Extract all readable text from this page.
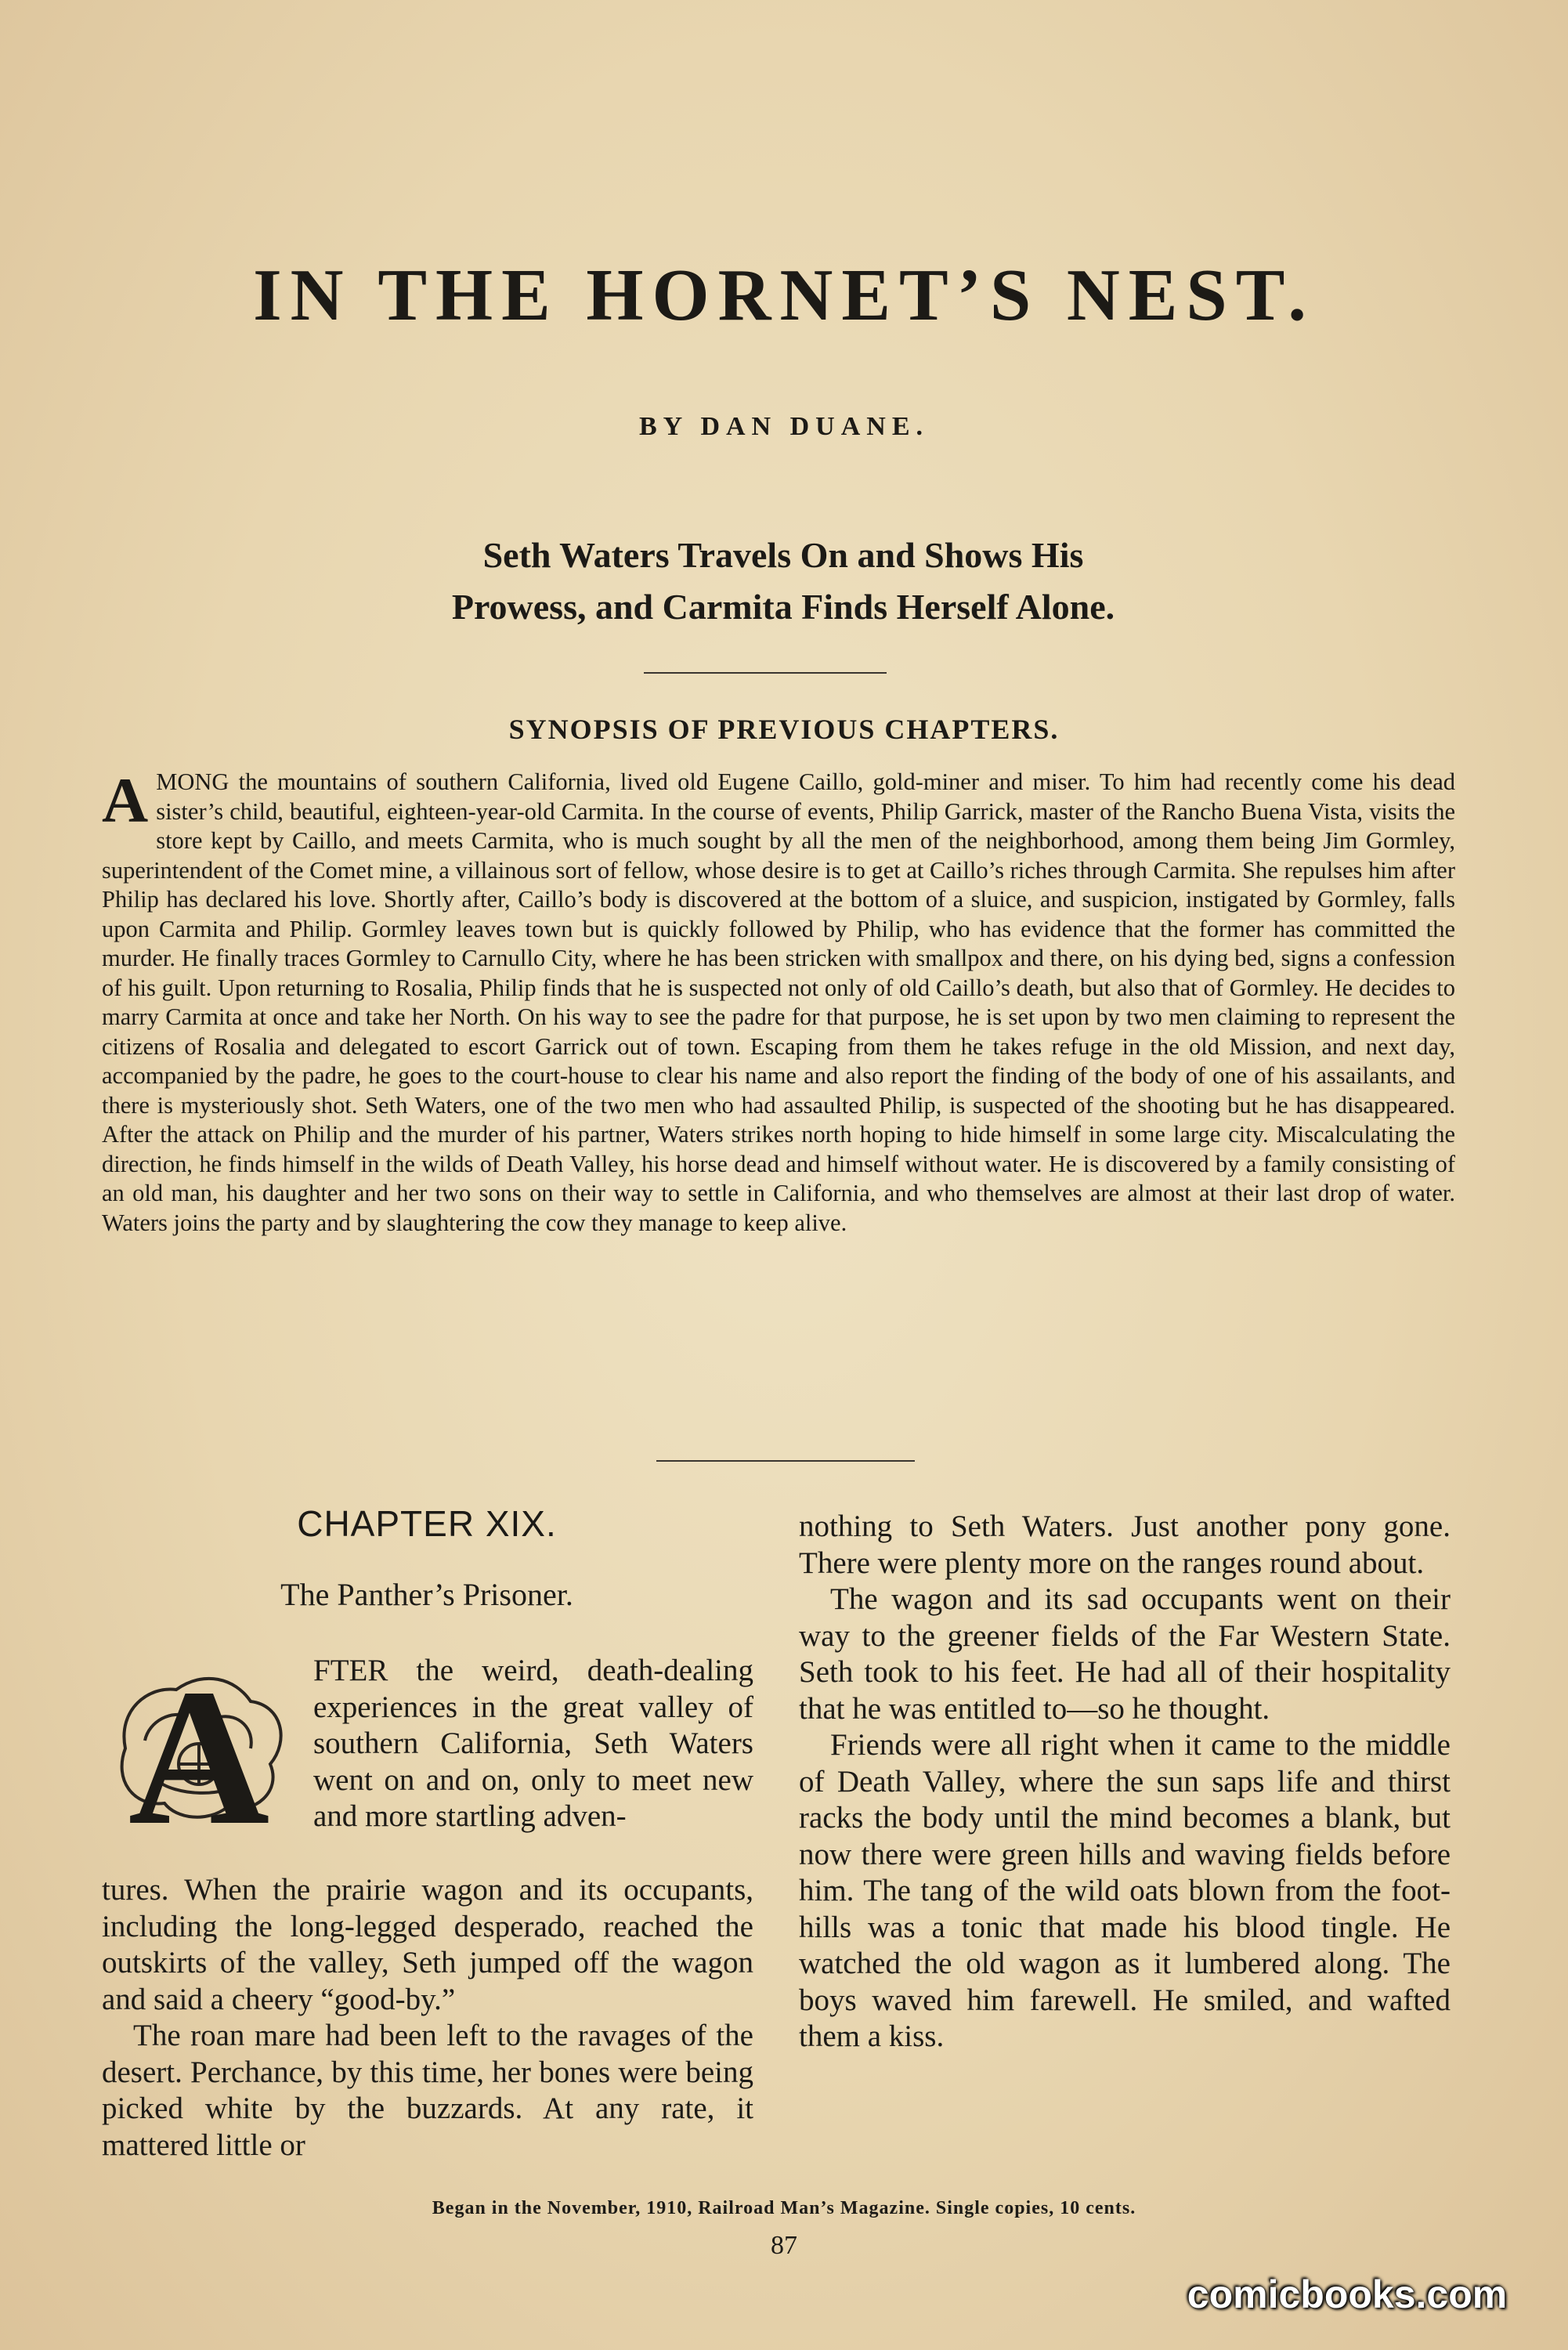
IN THE HORNET’S NEST.
BY DAN DUANE.
Seth Waters Travels On and Shows His
Prowess, and Carmita Finds Herself Alone.
SYNOPSIS OF PREVIOUS CHAPTERS.
AMONG the mountains of southern California, lived old Eugene Caillo, gold-miner and miser. To him had recently come his dead sister’s child, beautiful, eighteen-year-old Carmita. In the course of events, Philip Garrick, master of the Rancho Buena Vista, visits the store kept by Caillo, and meets Carmita, who is much sought by all the men of the neighborhood, among them being Jim Gormley, superintendent of the Comet mine, a villainous sort of fellow, whose desire is to get at Caillo’s riches through Carmita. She repulses him after Philip has declared his love. Shortly after, Caillo’s body is discovered at the bottom of a sluice, and suspicion, instigated by Gormley, falls upon Carmita and Philip. Gormley leaves town but is quickly followed by Philip, who has evidence that the former has committed the murder. He finally traces Gormley to Carnullo City, where he has been stricken with smallpox and there, on his dying bed, signs a confession of his guilt. Upon returning to Rosalia, Philip finds that he is suspected not only of old Caillo’s death, but also that of Gormley. He decides to marry Carmita at once and take her North. On his way to see the padre for that purpose, he is set upon by two men claiming to represent the citizens of Rosalia and delegated to escort Garrick out of town. Escaping from them he takes refuge in the old Mission, and next day, accompanied by the padre, he goes to the court-house to clear his name and also report the finding of the body of one of his assailants, and there is mysteriously shot. Seth Waters, one of the two men who had assaulted Philip, is suspected of the shooting but he has disappeared. After the attack on Philip and the murder of his partner, Waters strikes north hoping to hide himself in some large city. Miscalculating the direction, he finds himself in the wilds of Death Valley, his horse dead and himself without water. He is discovered by a family consisting of an old man, his daughter and her two sons on their way to settle in California, and who themselves are almost at their last drop of water. Waters joins the party and by slaughtering the cow they manage to keep alive.
CHAPTER XIX.
The Panther’s Prisoner.
A FTER the weird, death-dealing experiences in the great valley of southern California, Seth Waters went on and on, only to meet new and more startling adven-

tures. When the prairie wagon and its occupants, including the long-legged desperado, reached the outskirts of the valley, Seth jumped off the wagon and said a cheery “good-by.”

The roan mare had been left to the ravages of the desert. Perchance, by this time, her bones were being picked white by the buzzards. At any rate, it mattered little or

nothing to Seth Waters. Just another pony gone. There were plenty more on the ranges round about.

The wagon and its sad occupants went on their way to the greener fields of the Far Western State. Seth took to his feet. He had all of their hospitality that he was entitled to—so he thought.

Friends were all right when it came to the middle of Death Valley, where the sun saps life and thirst racks the body until the mind becomes a blank, but now there were green hills and waving fields before him. The tang of the wild oats blown from the foot-hills was a tonic that made his blood tingle. He watched the old wagon as it lumbered along. The boys waved him farewell. He smiled, and wafted them a kiss.

Began in the November, 1910, Railroad Man’s Magazine. Single copies, 10 cents.
87
comicbooks.com
